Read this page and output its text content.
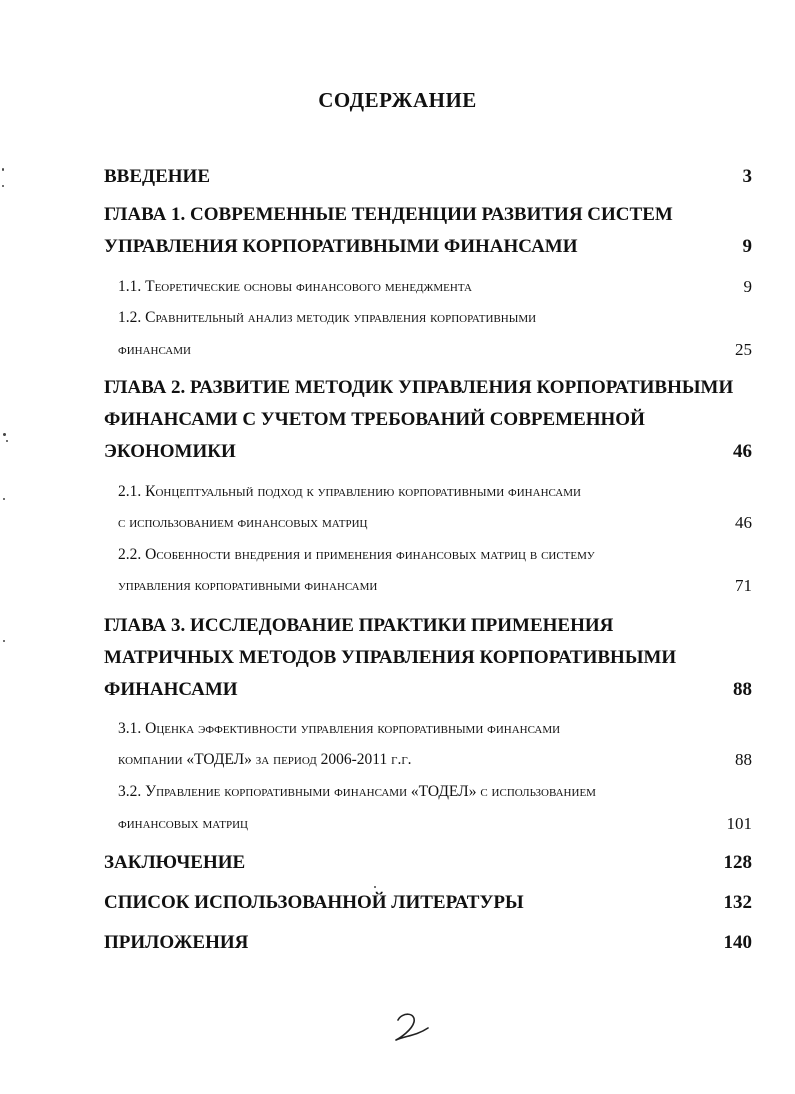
СОДЕРЖАНИЕ
ВВЕДЕНИЕ	3
ГЛАВА 1. СОВРЕМЕННЫЕ ТЕНДЕНЦИИ РАЗВИТИЯ СИСТЕМ
УПРАВЛЕНИЯ КОРПОРАТИВНЫМИ ФИНАНСАМИ	9
1.1. Теоретические основы финансового менеджмента	9
1.2. Сравнительный анализ методик управления корпоративными
финансами	25
ГЛАВА 2. РАЗВИТИЕ МЕТОДИК УПРАВЛЕНИЯ КОРПОРАТИВНЫМИ
ФИНАНСАМИ С УЧЕТОМ ТРЕБОВАНИЙ СОВРЕМЕННОЙ
ЭКОНОМИКИ	46
2.1. Концептуальный подход к управлению корпоративными финансами
с использованием финансовых матриц	46
2.2. Особенности внедрения и применения финансовых матриц в систему
управления корпоративными финансами	71
ГЛАВА 3. ИССЛЕДОВАНИЕ ПРАКТИКИ ПРИМЕНЕНИЯ
МАТРИЧНЫХ МЕТОДОВ УПРАВЛЕНИЯ КОРПОРАТИВНЫМИ
ФИНАНСАМИ	88
3.1. Оценка эффективности управления корпоративными финансами
компании «ТОДЕЛ» за период 2006-2011 г.г.	88
3.2. Управление корпоративными финансами «ТОДЕЛ» с использованием
финансовых матриц	101
ЗАКЛЮЧЕНИЕ	128
СПИСОК ИСПОЛЬЗОВАННОЙ ЛИТЕРАТУРЫ	132
ПРИЛОЖЕНИЯ	140
